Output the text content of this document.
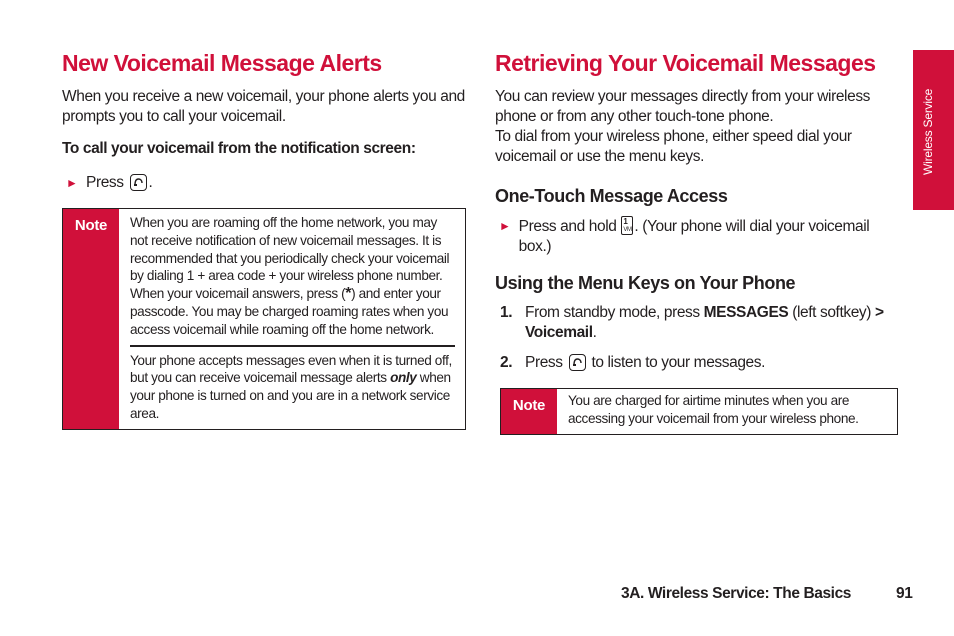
New Voicemail Message Alerts

When you receive a new voicemail, your phone alerts you and prompts you to call your voicemail.

To call your voicemail from the notification screen:

► Press .
Note	When you are roaming off the home network, you may not receive notification of new voicemail messages. It is recommended that you periodically check your voicemail by dialing 1 + area code + your wireless phone number. When your voicemail answers, press (*) and enter your passcode. You may be charged roaming rates when you access voicemail while roaming off the home network.
Your phone accepts messages even when it is turned off, but you can receive voicemail message alerts only when your phone is turned on and you are in a network service area.
Retrieving Your Voicemail Messages

You can review your messages directly from your wireless phone or from any other touch-tone phone.

To dial from your wireless phone, either speed dial your voicemail or use the menu keys.

One-Touch Message Access
► Press and hold 1
VM . (Your phone will dial your voicemail box.)
Using the Menu Keys on Your Phone
1. From standby mode, press MESSAGES (left softkey) > Voicemail.
2. Press to listen to your messages.
Note	You are charged for airtime minutes when you are accessing your voicemail from your wireless phone.
Wireless Service
3A. Wireless Service: The Basics	91
